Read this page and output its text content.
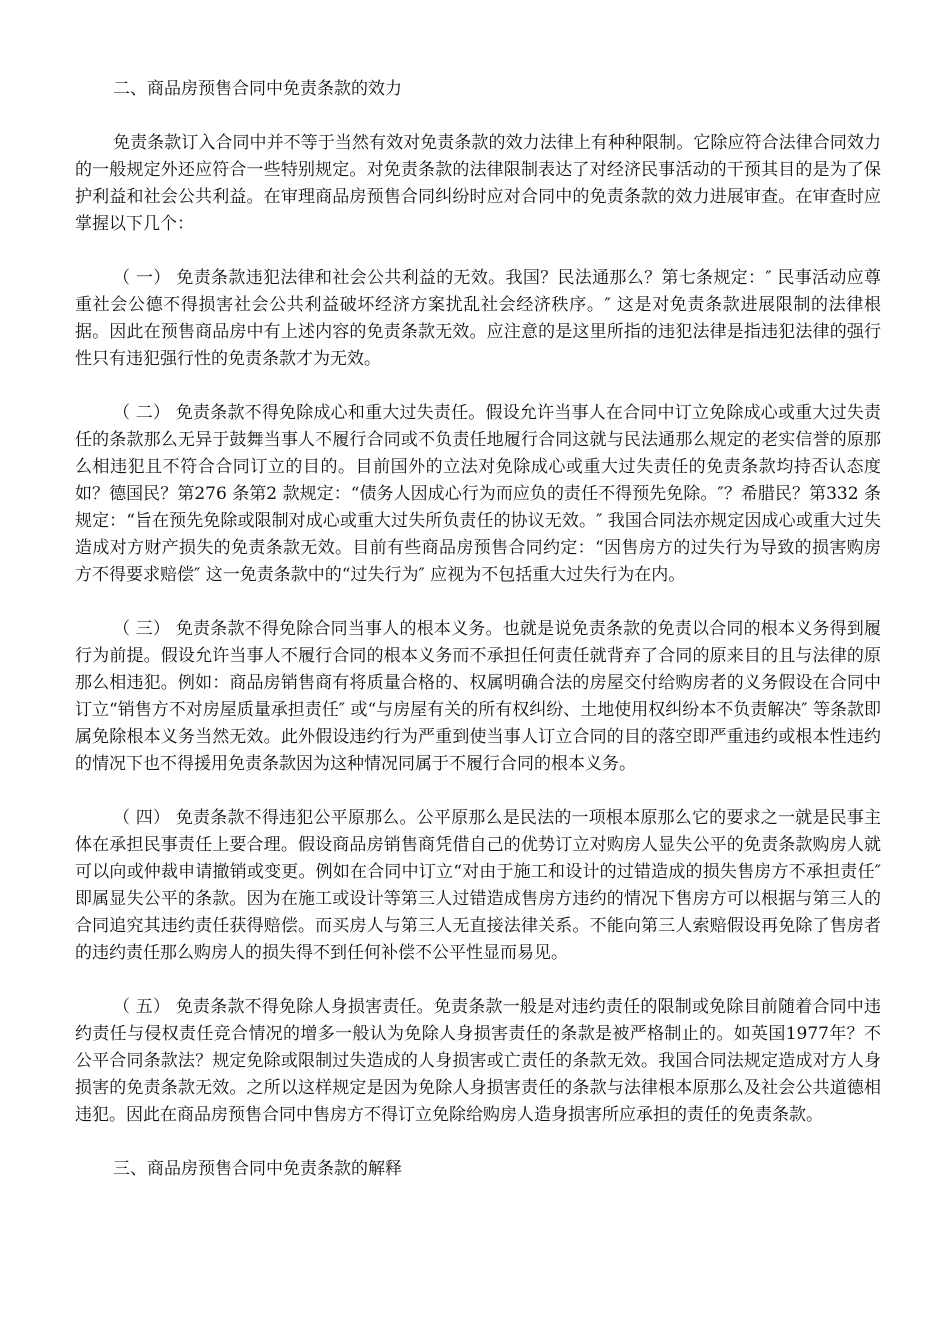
二、商品房预售合同中免责条款的效力

免责条款订入合同中并不等于当然有效对免责条款的效力法律上有种种限制。它除应符合法律合同效力的一般规定外还应符合一些特别规定。对免责条款的法律限制表达了对经济民事活动的干预其目的是为了保护利益和社会公共利益。在审理商品房预售合同纠纷时应对合同中的免责条款的效力进展审查。在审查时应掌握以下几个：

（ 一） 免责条款违犯法律和社会公共利益的无效。我国？民法通那么？第七条规定：″ 民事活动应尊重社会公德不得损害社会公共利益破坏经济方案扰乱社会经济秩序。″ 这是对免责条款进展限制的法律根据。因此在预售商品房中有上述内容的免责条款无效。应注意的是这里所指的违犯法律是指违犯法律的强行性只有违犯强行性的免责条款才为无效。

（ 二） 免责条款不得免除成心和重大过失责任。假设允许当事人在合同中订立免除成心或重大过失责任的条款那么无异于鼓舞当事人不履行合同或不负责任地履行合同这就与民法通那么规定的老实信誉的原那么相违犯且不符合合同订立的目的。目前国外的立法对免除成心或重大过失责任的免责条款均持否认态度如？德国民？第276 条第2 款规定：“债务人因成心行为而应负的责任不得预先免除。″？希腊民？第332 条规定：“旨在预先免除或限制对成心或重大过失所负责任的协议无效。″ 我国合同法亦规定因成心或重大过失造成对方财产损失的免责条款无效。目前有些商品房预售合同约定：“因售房方的过失行为导致的损害购房方不得要求赔偿″ 这一免责条款中的“过失行为″ 应视为不包括重大过失行为在内。

（ 三） 免责条款不得免除合同当事人的根本义务。也就是说免责条款的免责以合同的根本义务得到履行为前提。假设允许当事人不履行合同的根本义务而不承担任何责任就背弃了合同的原来目的且与法律的原那么相违犯。例如：商品房销售商有将质量合格的、权属明确合法的房屋交付给购房者的义务假设在合同中订立“销售方不对房屋质量承担责任″ 或“与房屋有关的所有权纠纷、土地使用权纠纷本不负责解决″ 等条款即属免除根本义务当然无效。此外假设违约行为严重到使当事人订立合同的目的落空即严重违约或根本性违约的情况下也不得援用免责条款因为这种情况同属于不履行合同的根本义务。

（ 四） 免责条款不得违犯公平原那么。公平原那么是民法的一项根本原那么它的要求之一就是民事主体在承担民事责任上要合理。假设商品房销售商凭借自己的优势订立对购房人显失公平的免责条款购房人就可以向或仲裁申请撤销或变更。例如在合同中订立“对由于施工和设计的过错造成的损失售房方不承担责任″ 即属显失公平的条款。因为在施工或设计等第三人过错造成售房方违约的情况下售房方可以根据与第三人的合同追究其违约责任获得赔偿。而买房人与第三人无直接法律关系。不能向第三人索赔假设再免除了售房者的违约责任那么购房人的损失得不到任何补偿不公平性显而易见。

（ 五） 免责条款不得免除人身损害责任。免责条款一般是对违约责任的限制或免除目前随着合同中违约责任与侵权责任竞合情况的增多一般认为免除人身损害责任的条款是被严格制止的。如英国1977年？不公平合同条款法？规定免除或限制过失造成的人身损害或亡责任的条款无效。我国合同法规定造成对方人身损害的免责条款无效。之所以这样规定是因为免除人身损害责任的条款与法律根本原那么及社会公共道德相违犯。因此在商品房预售合同中售房方不得订立免除给购房人造身损害所应承担的责任的免责条款。

三、商品房预售合同中免责条款的解释
